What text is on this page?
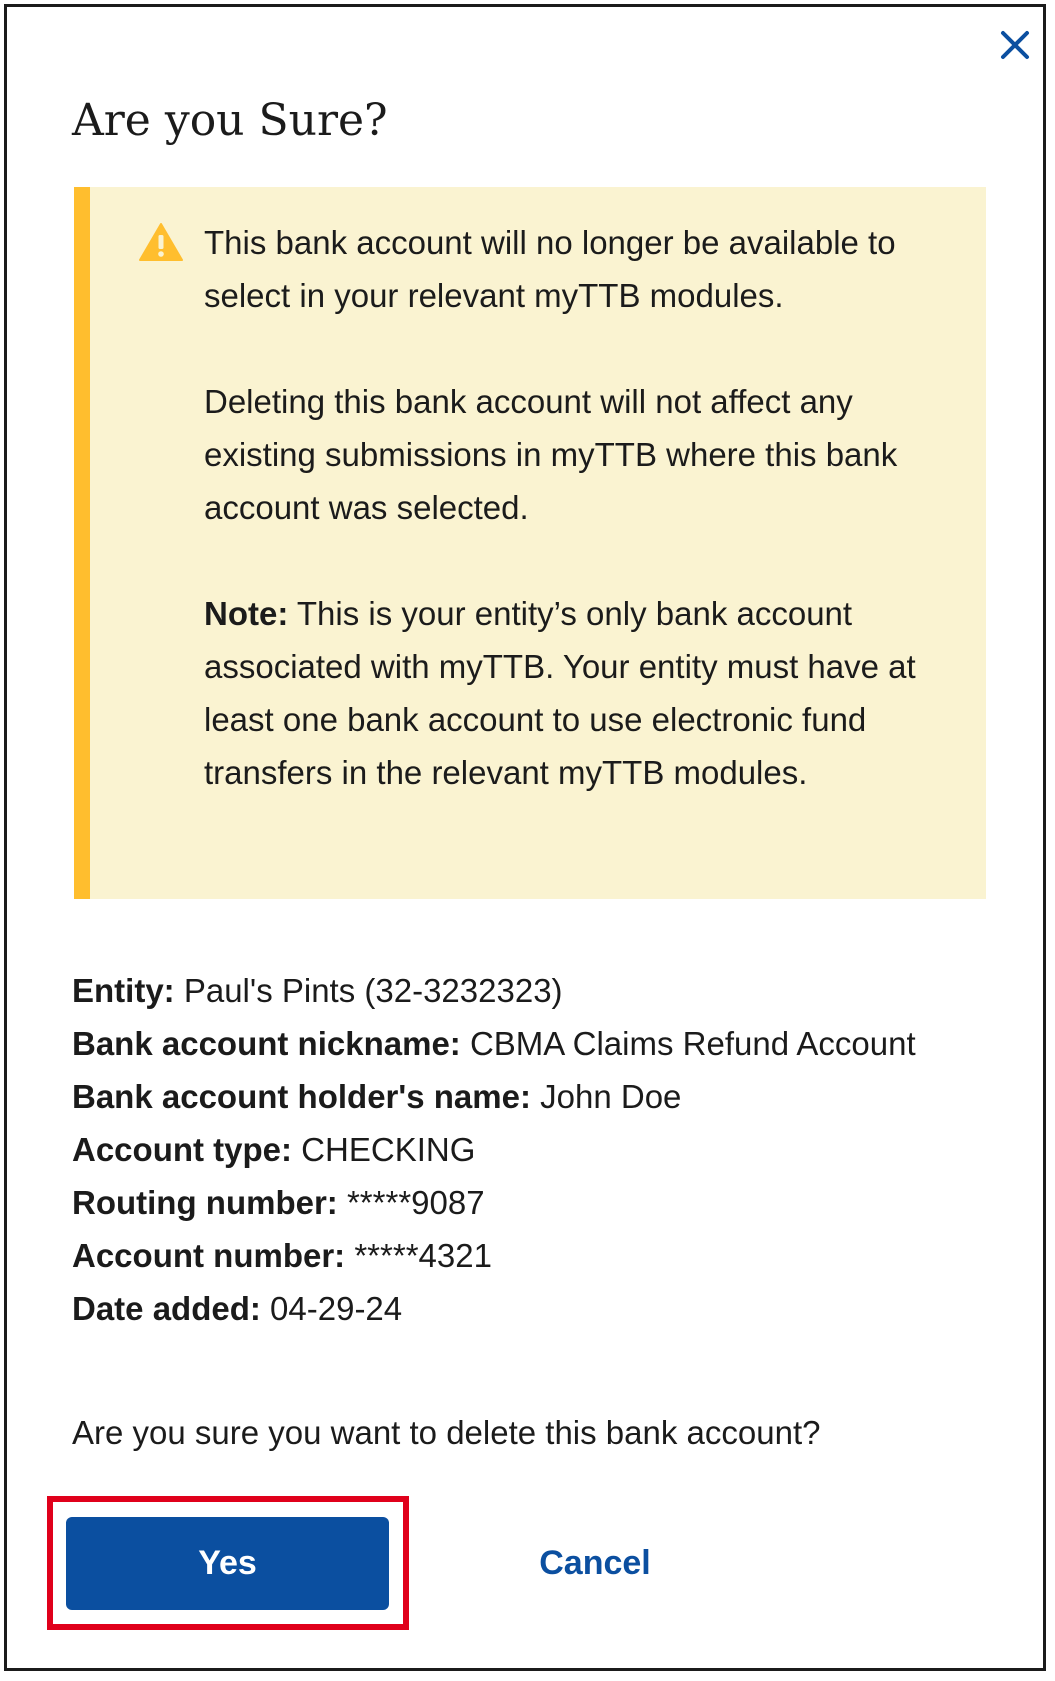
Are you Sure?

This bank account will no longer be available to select in your relevant myTTB modules.

Deleting this bank account will not affect any existing submissions in myTTB where this bank account was selected.

Note: This is your entity’s only bank account associated with myTTB. Your entity must have at least one bank account to use electronic fund transfers in the relevant myTTB modules.

Entity: Paul's Pints (32-3232323)
Bank account nickname: CBMA Claims Refund Account
Bank account holder's name: John Doe
Account type: CHECKING
Routing number: *****9087
Account number: *****4321
Date added: 04-29-24
Are you sure you want to delete this bank account?
Yes	Cancel
